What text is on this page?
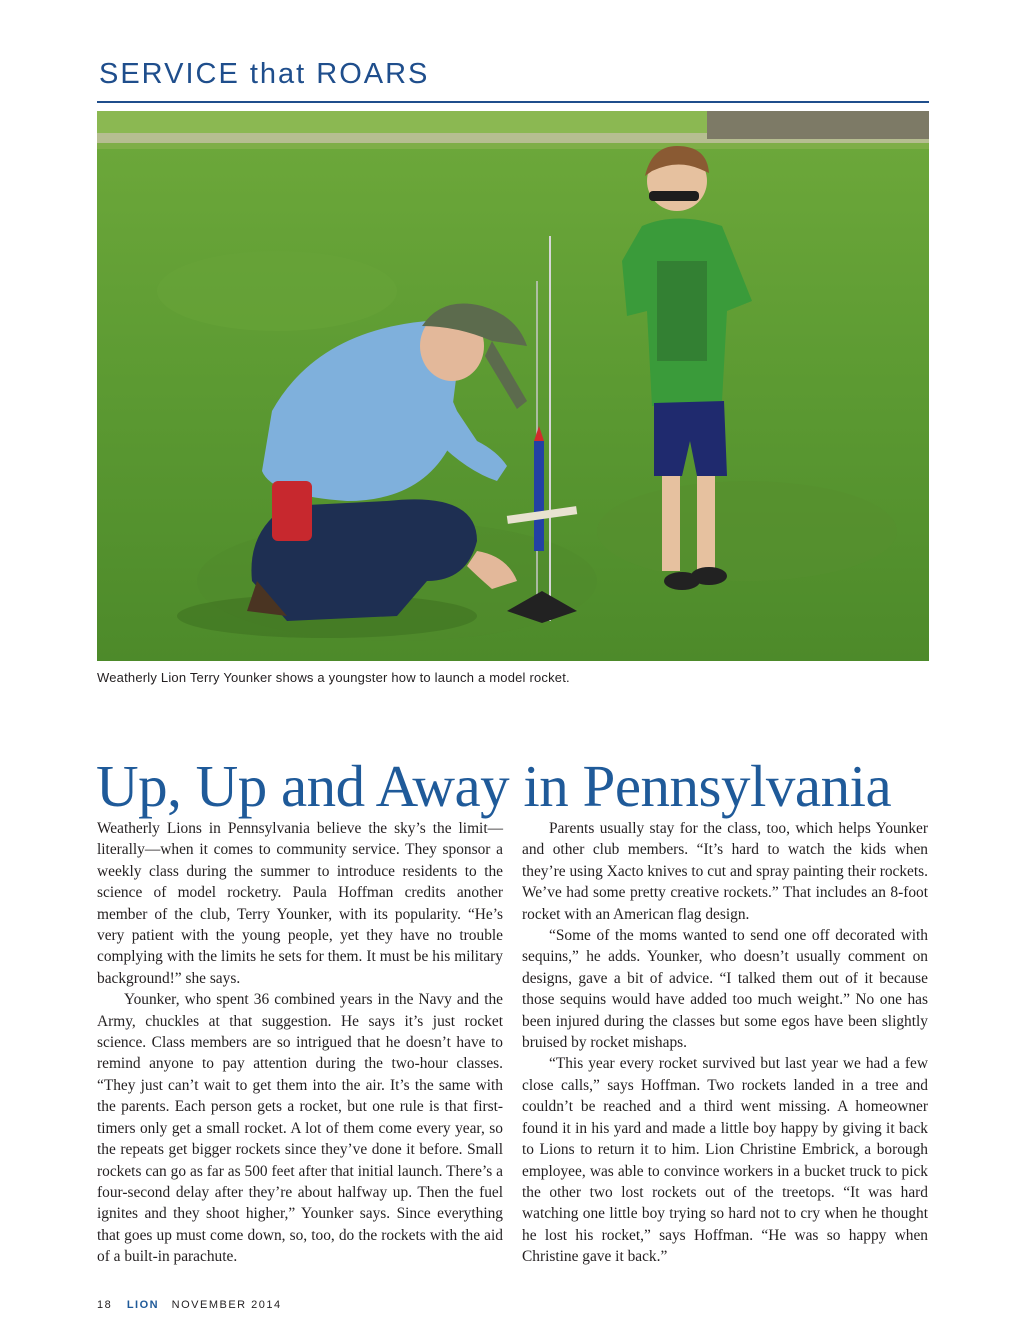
SERVICE that ROARS
Weatherly Lion Terry Younker shows a youngster how to launch a model rocket.
Up, Up and Away in Pennsylvania

Weatherly Lions in Pennsylvania believe the sky’s the limit—literally—when it comes to community service. They sponsor a weekly class during the summer to introduce residents to the science of model rocketry. Paula Hoffman credits another member of the club, Terry Younker, with its popularity. “He’s very patient with the young people, yet they have no trouble complying with the limits he sets for them. It must be his military background!” she says.

Younker, who spent 36 combined years in the Navy and the Army, chuckles at that suggestion. He says it’s just rocket science. Class members are so intrigued that he doesn’t have to remind anyone to pay attention during the two-hour classes. “They just can’t wait to get them into the air. It’s the same with the parents. Each person gets a rocket, but one rule is that first-timers only get a small rocket. A lot of them come every year, so the repeats get bigger rockets since they’ve done it before. Small rockets can go as far as 500 feet after that initial launch. There’s a four-second delay after they’re about halfway up. Then the fuel ignites and they shoot higher,” Younker says. Since everything that goes up must come down, so, too, do the rockets with the aid of a built-in parachute.

Parents usually stay for the class, too, which helps Younker and other club members. “It’s hard to watch the kids when they’re using Xacto knives to cut and spray painting their rockets. We’ve had some pretty creative rockets.” That includes an 8-foot rocket with an American flag design.

“Some of the moms wanted to send one off decorated with sequins,” he adds. Younker, who doesn’t usually comment on designs, gave a bit of advice. “I talked them out of it because those sequins would have added too much weight.” No one has been injured during the classes but some egos have been slightly bruised by rocket mishaps.

“This year every rocket survived but last year we had a few close calls,” says Hoffman. Two rockets landed in a tree and couldn’t be reached and a third went missing. A homeowner found it in his yard and made a little boy happy by giving it back to Lions to return it to him. Lion Christine Embrick, a borough employee, was able to convince workers in a bucket truck to pick the other two lost rockets out of the treetops. “It was hard watching one little boy trying so hard not to cry when he thought he lost his rocket,” says Hoffman. “He was so happy when Christine gave it back.”

18 LION NOVEMBER 2014
